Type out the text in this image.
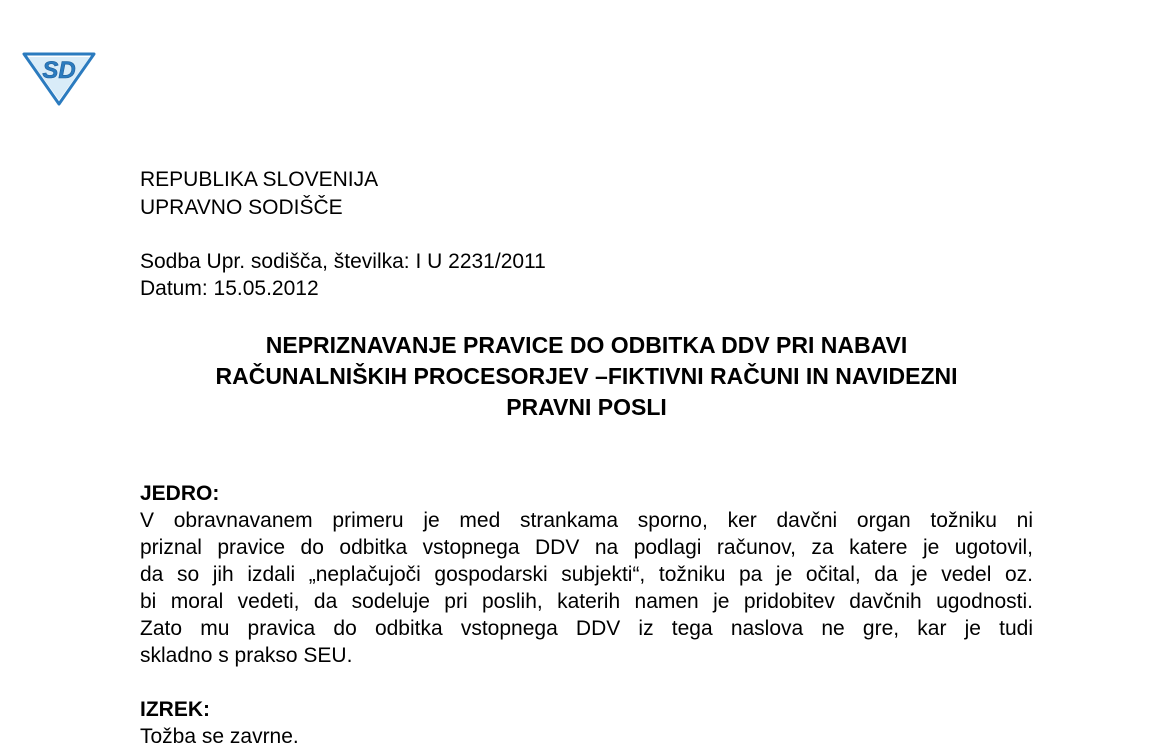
SD
REPUBLIKA SLOVENIJA
UPRAVNO SODIŠČE
Sodba Upr. sodišča, številka: I U 2231/2011
Datum: 15.05.2012
NEPRIZNAVANJE PRAVICE DO ODBITKA DDV PRI NABAVI
RAČUNALNIŠKIH PROCESORJEV –FIKTIVNI RAČUNI IN NAVIDEZNI
PRAVNI POSLI
JEDRO:
V obravnavanem primeru je med strankama sporno, ker davčni organ tožniku ni
priznal pravice do odbitka vstopnega DDV na podlagi računov, za katere je ugotovil,
da so jih izdali „neplačujoči gospodarski subjekti“, tožniku pa je očital, da je vedel oz.
bi moral vedeti, da sodeluje pri poslih, katerih namen je pridobitev davčnih ugodnosti.
Zato mu pravica do odbitka vstopnega DDV iz tega naslova ne gre, kar je tudi
skladno s prakso SEU.
IZREK:
Tožba se zavrne.
